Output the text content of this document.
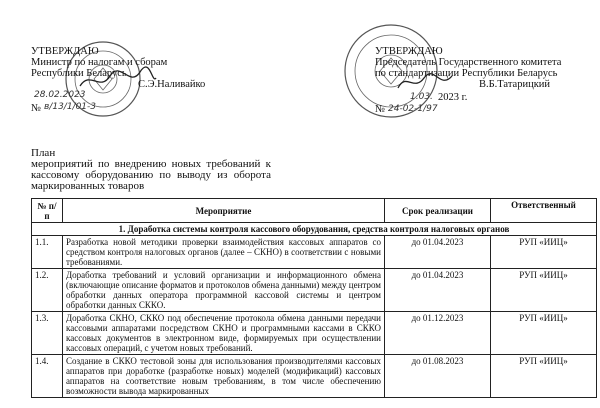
УТВЕРЖДАЮ
Министр по налогам и сборам
Республики Беларусь
С.Э.Наливайко
28.02.2023
№ в/13/1/01-3
УТВЕРЖДАЮ
Председатель Государственного комитета
по стандартизации Республики Беларусь
В.Б.Татарицкий
1.03. 2023 г.
№ 24-02-1/97
План
мероприятий по внедрению новых требований к
кассовому оборудованию по выводу из оборота
маркированных товаров
№ п/п	Мероприятие	Срок реализации	Ответственный
1. Доработка системы контроля кассового оборудования, средства контроля налоговых органов			
1.1.	Разработка новой методики проверки взаимодействия кассовых аппаратов со средством контроля налоговых органов (далее – СКНО) в соответствии с новыми требованиями.	до 01.04.2023	РУП «ИИЦ»
1.2.	Доработка требований и условий организации и информационного обмена (включающие описание форматов и протоколов обмена данными) между центром обработки данных оператора программной кассовой системы и центром обработки данных СККО.	до 01.04.2023	РУП «ИИЦ»
1.3.	Доработка СКНО, СККО под обеспечение протокола обмена данными передачи кассовыми аппаратами посредством СКНО и программными кассами в СККО кассовых документов в электронном виде, формируемых при осуществлении кассовых операций, с учетом новых требований.	до 01.12.2023	РУП «ИИЦ»
1.4.	Создание в СККО тестовой зоны для использования производителями кассовых аппаратов при доработке (разработке новых) моделей (модификаций) кассовых аппаратов на соответствие новым требованиям, в том числе обеспечению возможности вывода маркированных	до 01.08.2023	РУП «ИИЦ»
